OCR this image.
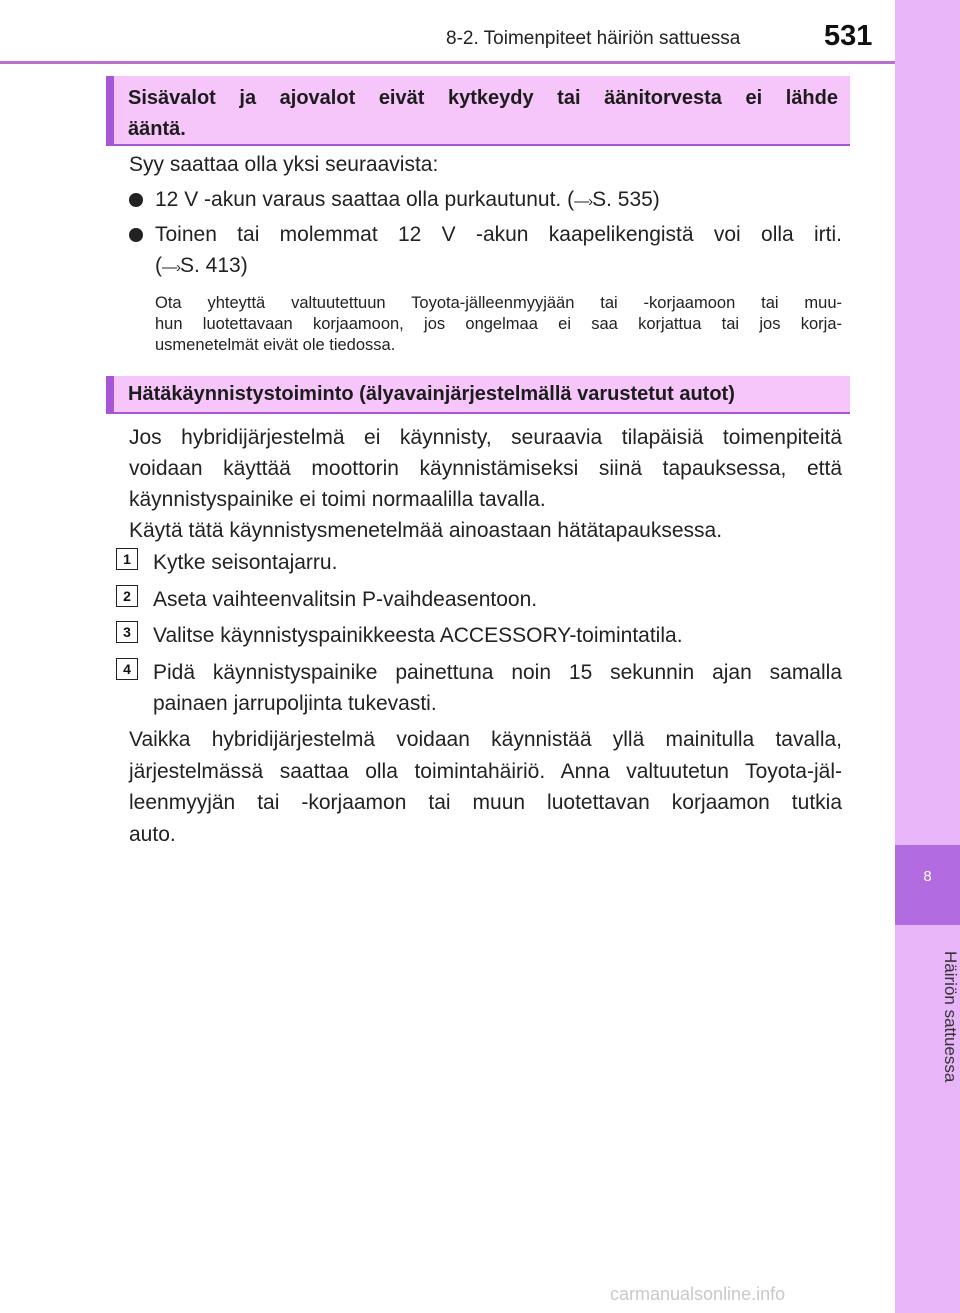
8
Häiriön sattuessa
8-2. Toimenpiteet häiriön sattuessa	531
Sisävalot ja ajovalot eivät kytkeydy tai äänitorvesta ei lähde
ääntä.
Syy saattaa olla yksi seuraavista:
12 V -akun varaus saattaa olla purkautunut. (—›S. 535)
Toinen tai molemmat 12 V -akun kaapelikengistä voi olla irti.
(—›S. 413)
Ota yhteyttä valtuutettuun Toyota-jälleenmyyjään tai -korjaamoon tai muu-
hun luotettavaan korjaamoon, jos ongelmaa ei saa korjattua tai jos korja-
usmenetelmät eivät ole tiedossa.
Hätäkäynnistystoiminto (älyavainjärjestelmällä varustetut autot)
Jos hybridijärjestelmä ei käynnisty, seuraavia tilapäisiä toimenpiteitä
voidaan käyttää moottorin käynnistämiseksi siinä tapauksessa, että
käynnistyspainike ei toimi normaalilla tavalla.
Käytä tätä käynnistysmenetelmää ainoastaan hätätapauksessa.
1	Kytke seisontajarru.
2	Aseta vaihteenvalitsin P-vaihdeasentoon.
3	Valitse käynnistyspainikkeesta ACCESSORY-toimintatila.
4	Pidä käynnistyspainike painettuna noin 15 sekunnin ajan samalla
painaen jarrupoljinta tukevasti.
Vaikka hybridijärjestelmä voidaan käynnistää yllä mainitulla tavalla,
järjestelmässä saattaa olla toimintahäiriö. Anna valtuutetun Toyota-jäl-
leenmyyjän tai -korjaamon tai muun luotettavan korjaamon tutkia
auto.
carmanualsonline.info
